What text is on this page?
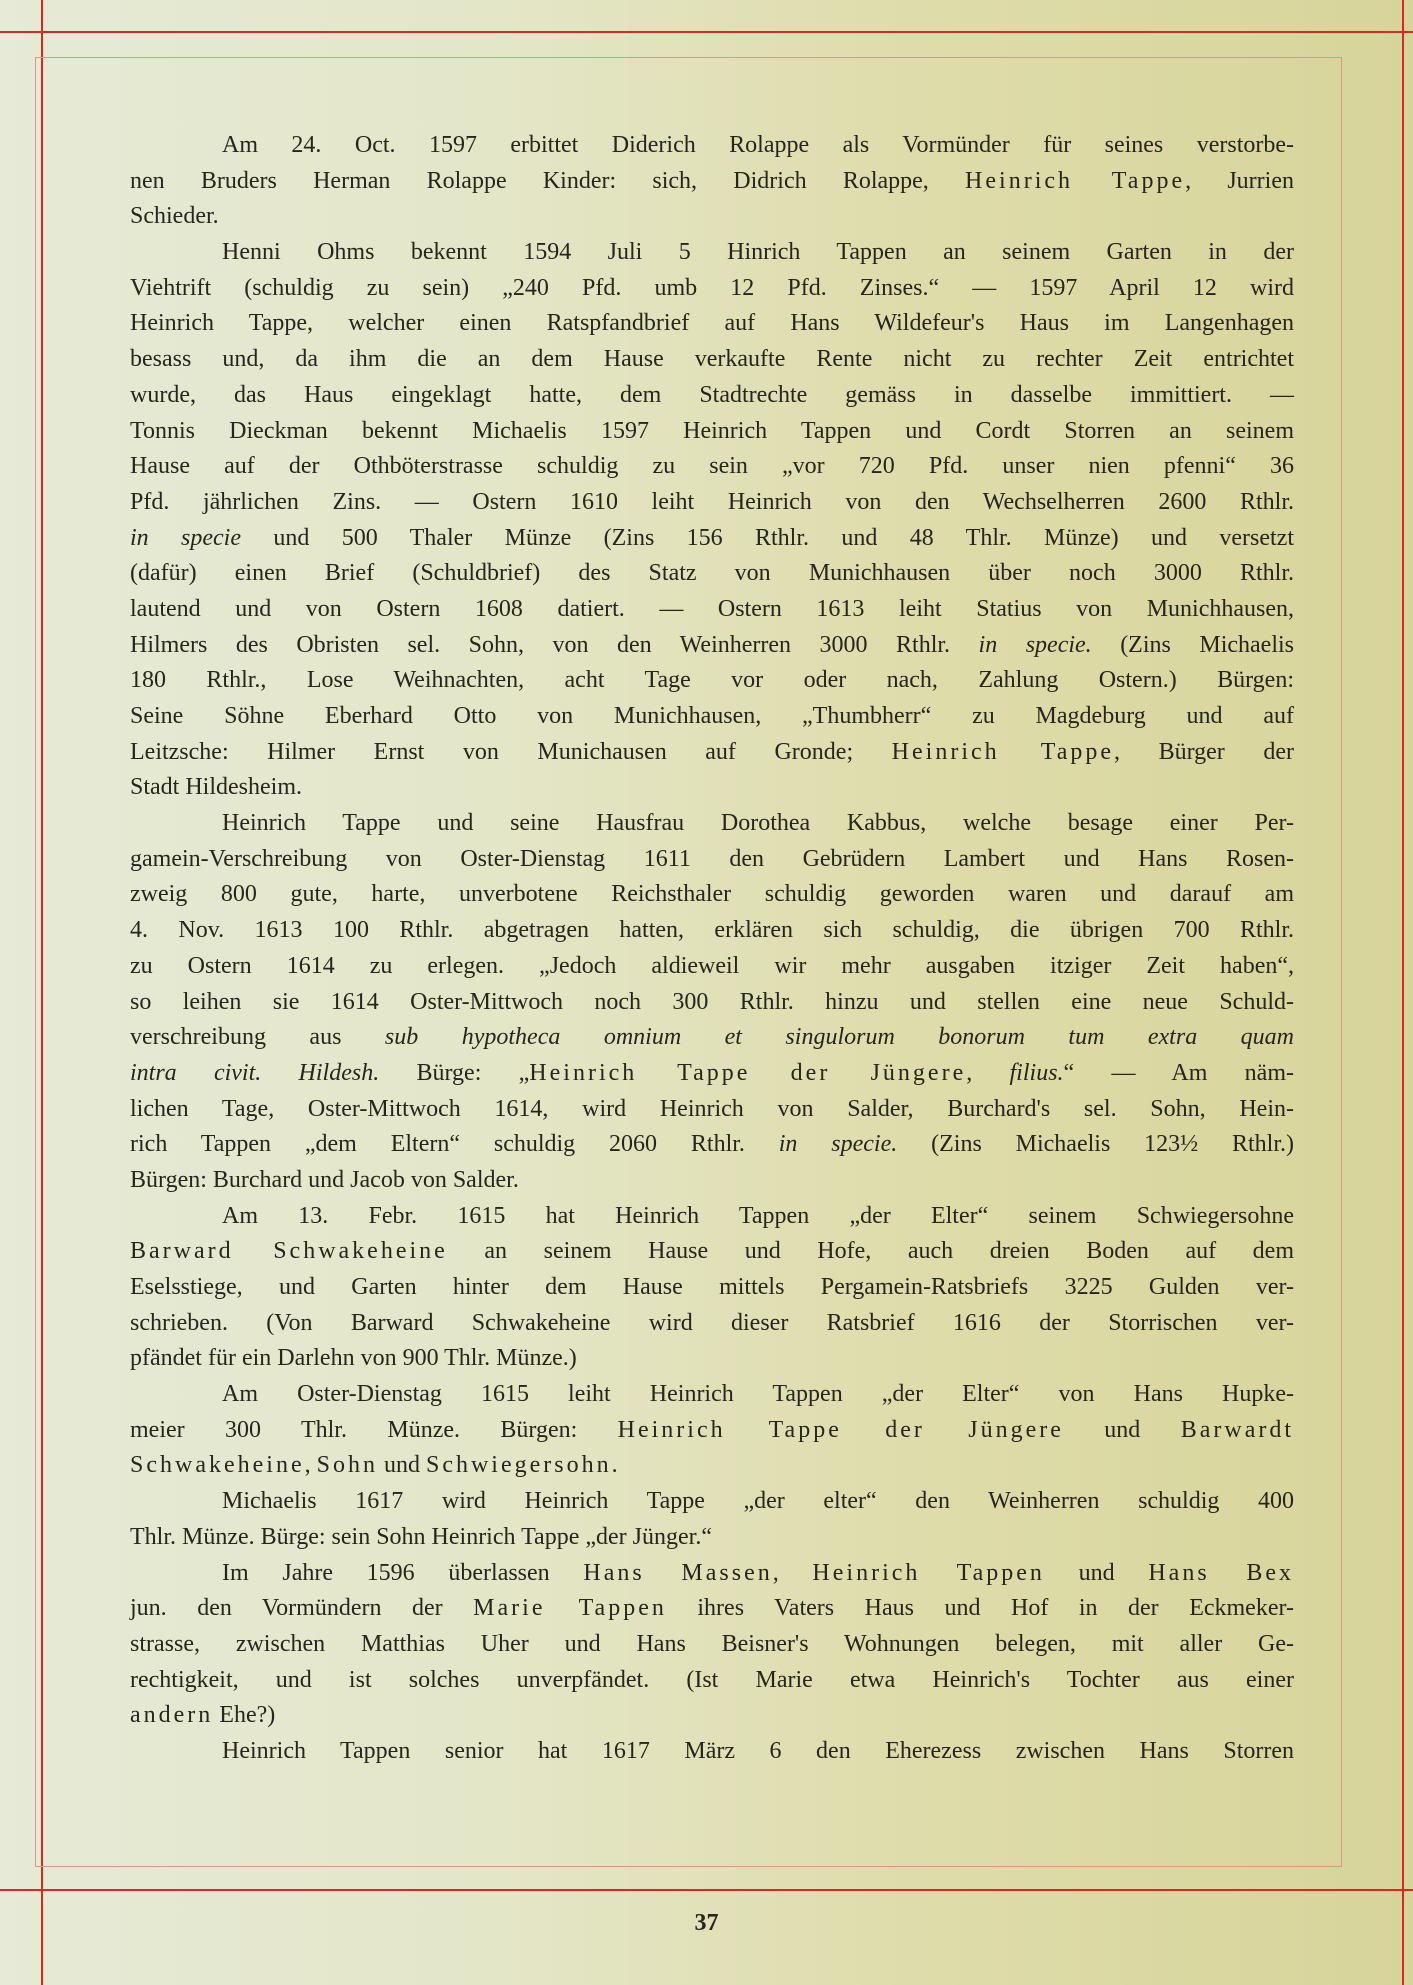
Am 24. Oct. 1597 erbittet Diderich Rolappe als Vormünder für seines verstorbe-
nen Bruders Herman Rolappe Kinder: sich, Didrich Rolappe, Heinrich Tappe, Jurrien
Schieder.
Henni Ohms bekennt 1594 Juli 5 Hinrich Tappen an seinem Garten in der
Viehtrift (schuldig zu sein) „240 Pfd. umb 12 Pfd. Zinses.“ — 1597 April 12 wird
Heinrich Tappe, welcher einen Ratspfandbrief auf Hans Wildefeur's Haus im Langenhagen
besass und, da ihm die an dem Hause verkaufte Rente nicht zu rechter Zeit entrichtet
wurde, das Haus eingeklagt hatte, dem Stadtrechte gemäss in dasselbe immittiert. —
Tonnis Dieckman bekennt Michaelis 1597 Heinrich Tappen und Cordt Storren an seinem
Hause auf der Othböterstrasse schuldig zu sein „vor 720 Pfd. unser nien pfenni“ 36
Pfd. jährlichen Zins. — Ostern 1610 leiht Heinrich von den Wechselherren 2600 Rthlr.
in specie und 500 Thaler Münze (Zins 156 Rthlr. und 48 Thlr. Münze) und versetzt
(dafür) einen Brief (Schuldbrief) des Statz von Munichhausen über noch 3000 Rthlr.
lautend und von Ostern 1608 datiert. — Ostern 1613 leiht Statius von Munichhausen,
Hilmers des Obristen sel. Sohn, von den Weinherren 3000 Rthlr. in specie. (Zins Michaelis
180 Rthlr., Lose Weihnachten, acht Tage vor oder nach, Zahlung Ostern.) Bürgen:
Seine Söhne Eberhard Otto von Munichhausen, „Thumbherr“ zu Magdeburg und auf
Leitzsche: Hilmer Ernst von Munichausen auf Gronde; Heinrich Tappe, Bürger der
Stadt Hildesheim.
Heinrich Tappe und seine Hausfrau Dorothea Kabbus, welche besage einer Per-
gamein-Verschreibung von Oster-Dienstag 1611 den Gebrüdern Lambert und Hans Rosen-
zweig 800 gute, harte, unverbotene Reichsthaler schuldig geworden waren und darauf am
4. Nov. 1613 100 Rthlr. abgetragen hatten, erklären sich schuldig, die übrigen 700 Rthlr.
zu Ostern 1614 zu erlegen. „Jedoch aldieweil wir mehr ausgaben itziger Zeit haben“,
so leihen sie 1614 Oster-Mittwoch noch 300 Rthlr. hinzu und stellen eine neue Schuld-
verschreibung aus sub hypotheca omnium et singulorum bonorum tum extra quam
intra civit. Hildesh. Bürge: „Heinrich Tappe der Jüngere, filius.“ — Am näm-
lichen Tage, Oster-Mittwoch 1614, wird Heinrich von Salder, Burchard's sel. Sohn, Hein-
rich Tappen „dem Eltern“ schuldig 2060 Rthlr. in specie. (Zins Michaelis 123½ Rthlr.)
Bürgen: Burchard und Jacob von Salder.
Am 13. Febr. 1615 hat Heinrich Tappen „der Elter“ seinem Schwiegersohne
Barward Schwakeheine an seinem Hause und Hofe, auch dreien Boden auf dem
Eselsstiege, und Garten hinter dem Hause mittels Pergamein-Ratsbriefs 3225 Gulden ver-
schrieben. (Von Barward Schwakeheine wird dieser Ratsbrief 1616 der Storrischen ver-
pfändet für ein Darlehn von 900 Thlr. Münze.)
Am Oster-Dienstag 1615 leiht Heinrich Tappen „der Elter“ von Hans Hupke-
meier 300 Thlr. Münze. Bürgen: Heinrich Tappe der Jüngere und Barwardt
Schwakeheine, Sohn und Schwiegersohn.
Michaelis 1617 wird Heinrich Tappe „der elter“ den Weinherren schuldig 400
Thlr. Münze. Bürge: sein Sohn Heinrich Tappe „der Jünger.“
Im Jahre 1596 überlassen Hans Massen, Heinrich Tappen und Hans Bex
jun. den Vormündern der Marie Tappen ihres Vaters Haus und Hof in der Eckmeker-
strasse, zwischen Matthias Uher und Hans Beisner's Wohnungen belegen, mit aller Ge-
rechtigkeit, und ist solches unverpfändet. (Ist Marie etwa Heinrich's Tochter aus einer
andern Ehe?)
Heinrich Tappen senior hat 1617 März 6 den Eherezess zwischen Hans Storren
37
